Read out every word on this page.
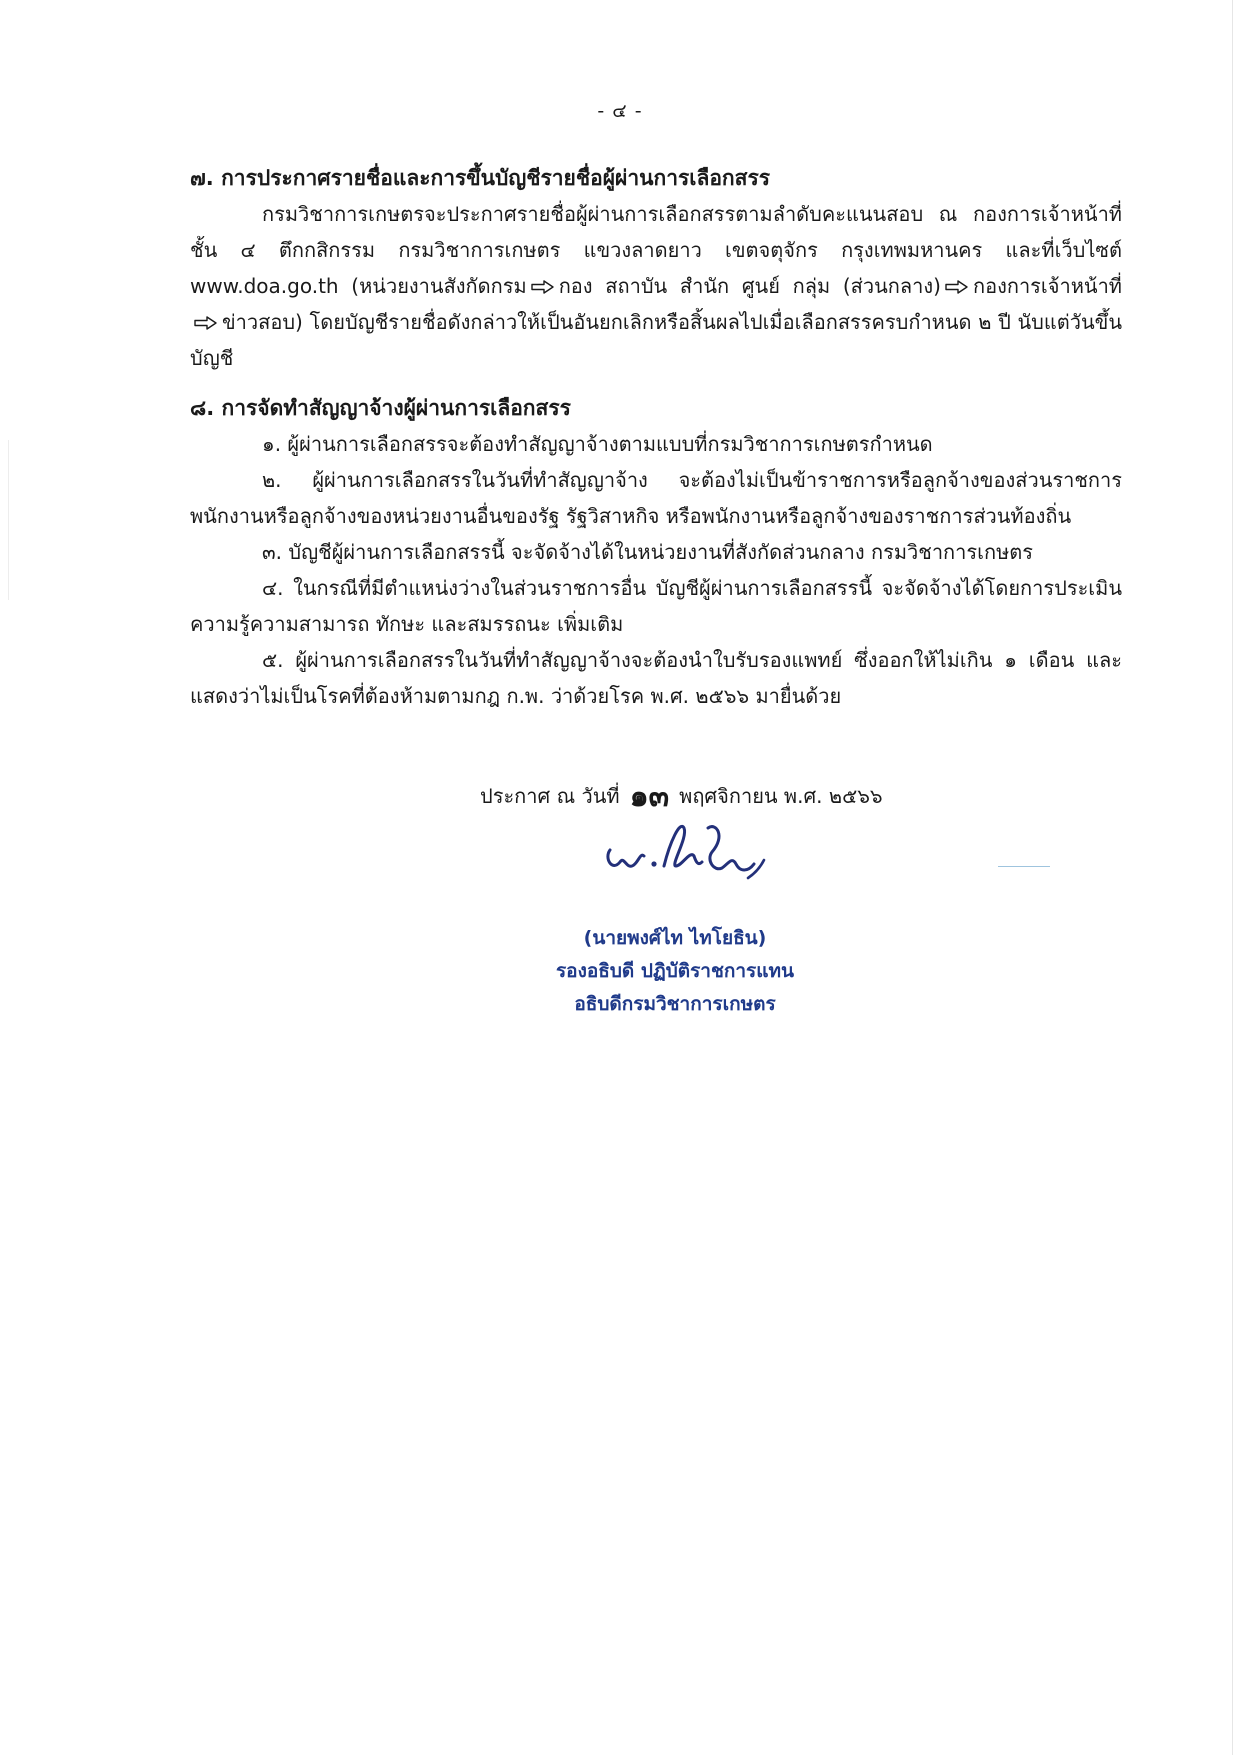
- ๔ -

๗. การประกาศรายชื่อและการขึ้นบัญชีรายชื่อผู้ผ่านการเลือกสรร

กรมวิชาการเกษตรจะประกาศรายชื่อผู้ผ่านการเลือกสรรตามลำดับคะแนนสอบ ณ กองการเจ้าหน้าที่ ชั้น ๔ ตึกกสิกรรม กรมวิชาการเกษตร แขวงลาดยาว เขตจตุจักร กรุงเทพมหานคร และที่เว็บไซต์ www.doa.go.th (หน่วยงานสังกัดกรม กอง สถาบัน สำนัก ศูนย์ กลุ่ม (ส่วนกลาง) กองการเจ้าหน้าที่ ข่าวสอบ) โดยบัญชีรายชื่อดังกล่าวให้เป็นอันยกเลิกหรือสิ้นผลไปเมื่อเลือกสรรครบกำหนด ๒ ปี นับแต่วันขึ้นบัญชี

๘. การจัดทำสัญญาจ้างผู้ผ่านการเลือกสรร

๑. ผู้ผ่านการเลือกสรรจะต้องทำสัญญาจ้างตามแบบที่กรมวิชาการเกษตรกำหนด

๒. ผู้ผ่านการเลือกสรรในวันที่ทำสัญญาจ้าง จะต้องไม่เป็นข้าราชการหรือลูกจ้างของส่วนราชการ พนักงานหรือลูกจ้างของหน่วยงานอื่นของรัฐ รัฐวิสาหกิจ หรือพนักงานหรือลูกจ้างของราชการส่วนท้องถิ่น

๓. บัญชีผู้ผ่านการเลือกสรรนี้ จะจัดจ้างได้ในหน่วยงานที่สังกัดส่วนกลาง กรมวิชาการเกษตร

๔. ในกรณีที่มีตำแหน่งว่างในส่วนราชการอื่น บัญชีผู้ผ่านการเลือกสรรนี้ จะจัดจ้างได้โดยการประเมิน ความรู้ความสามารถ ทักษะ และสมรรถนะ เพิ่มเติม

๕. ผู้ผ่านการเลือกสรรในวันที่ทำสัญญาจ้างจะต้องนำใบรับรองแพทย์ ซึ่งออกให้ไม่เกิน ๑ เดือน และแสดงว่าไม่เป็นโรคที่ต้องห้ามตามกฎ ก.พ. ว่าด้วยโรค พ.ศ. ๒๕๖๖ มายื่นด้วย

ประกาศ ณ วันที่ ๑๓ พฤศจิกายน พ.ศ. ๒๕๖๖
(นายพงศ์ไท ไทโยธิน)
รองอธิบดี ปฏิบัติราชการแทน
อธิบดีกรมวิชาการเกษตร
